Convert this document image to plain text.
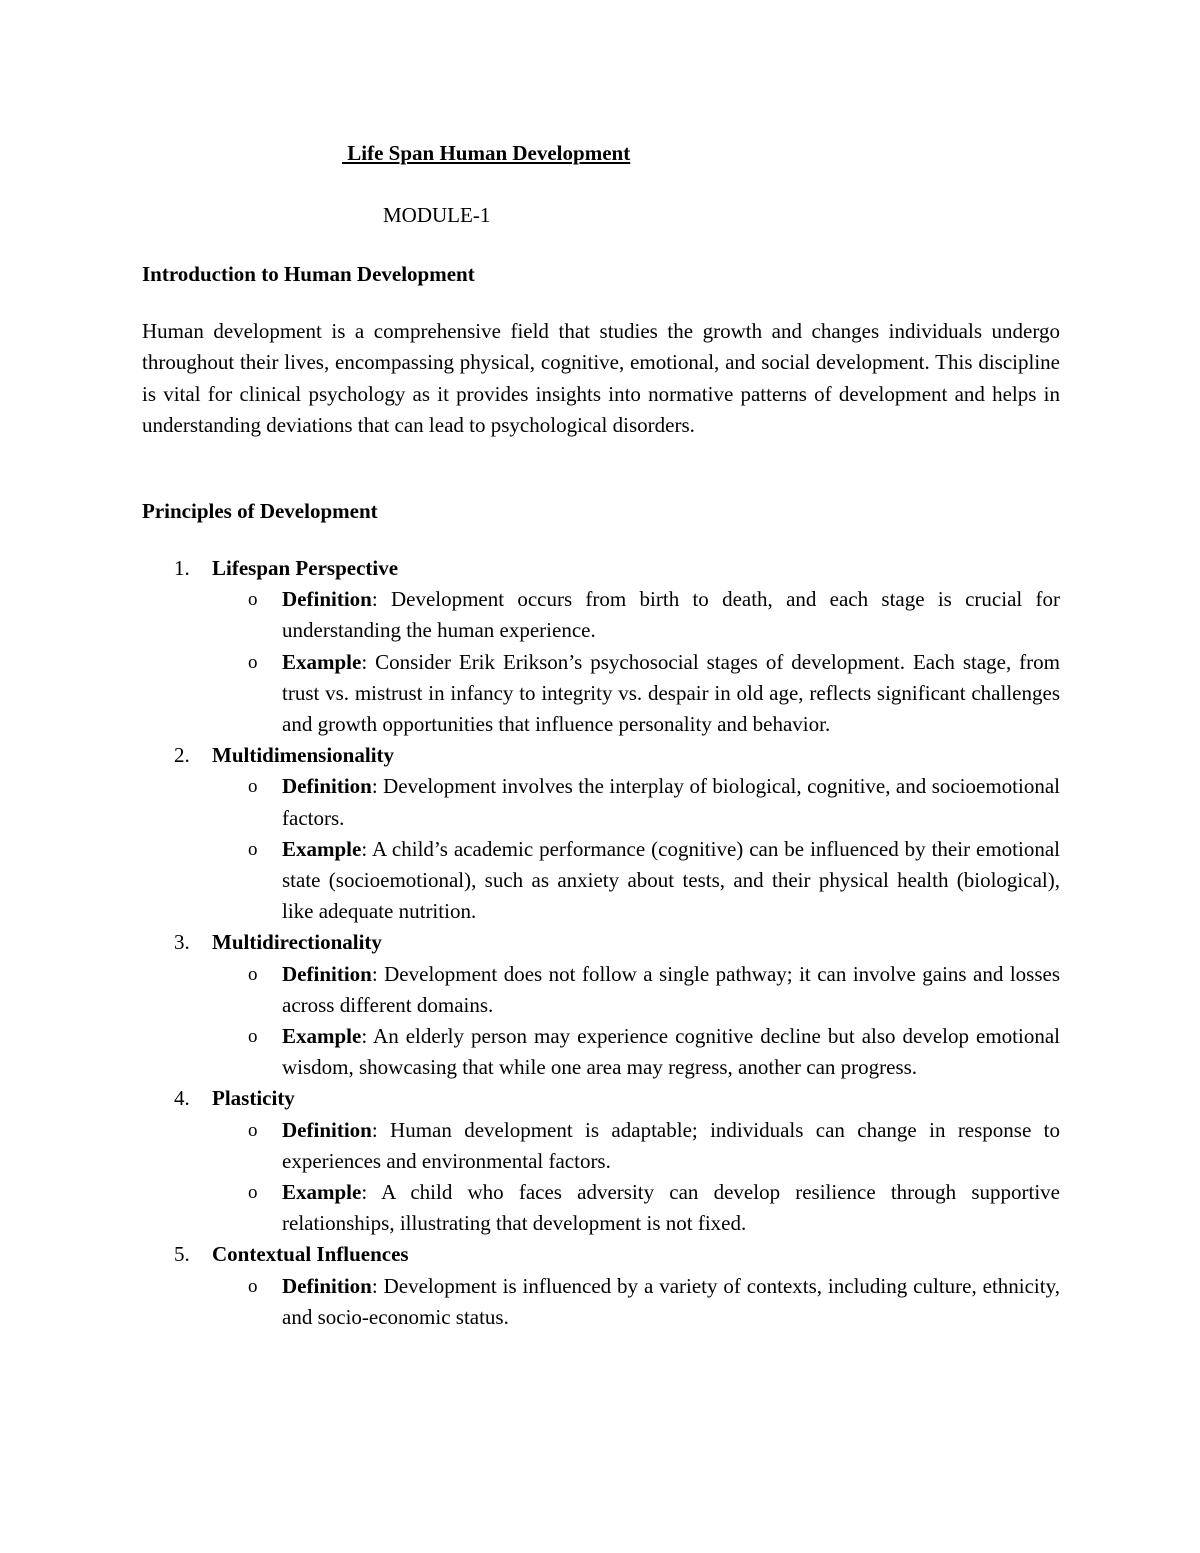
Life Span Human Development
MODULE-1
Introduction to Human Development

Human development is a comprehensive field that studies the growth and changes individuals undergo throughout their lives, encompassing physical, cognitive, emotional, and social development. This discipline is vital for clinical psychology as it provides insights into normative patterns of development and helps in understanding deviations that can lead to psychological disorders.

Principles of Development
1. Lifespan Perspective
o Definition: Development occurs from birth to death, and each stage is crucial for understanding the human experience.
o Example: Consider Erik Erikson’s psychosocial stages of development. Each stage, from trust vs. mistrust in infancy to integrity vs. despair in old age, reflects significant challenges and growth opportunities that influence personality and behavior.
2. Multidimensionality
o Definition: Development involves the interplay of biological, cognitive, and socioemotional factors.
o Example: A child’s academic performance (cognitive) can be influenced by their emotional state (socioemotional), such as anxiety about tests, and their physical health (biological), like adequate nutrition.
3. Multidirectionality
o Definition: Development does not follow a single pathway; it can involve gains and losses across different domains.
o Example: An elderly person may experience cognitive decline but also develop emotional wisdom, showcasing that while one area may regress, another can progress.
4. Plasticity
o Definition: Human development is adaptable; individuals can change in response to experiences and environmental factors.
o Example: A child who faces adversity can develop resilience through supportive relationships, illustrating that development is not fixed.
5. Contextual Influences
o Definition: Development is influenced by a variety of contexts, including culture, ethnicity, and socio-economic status.
